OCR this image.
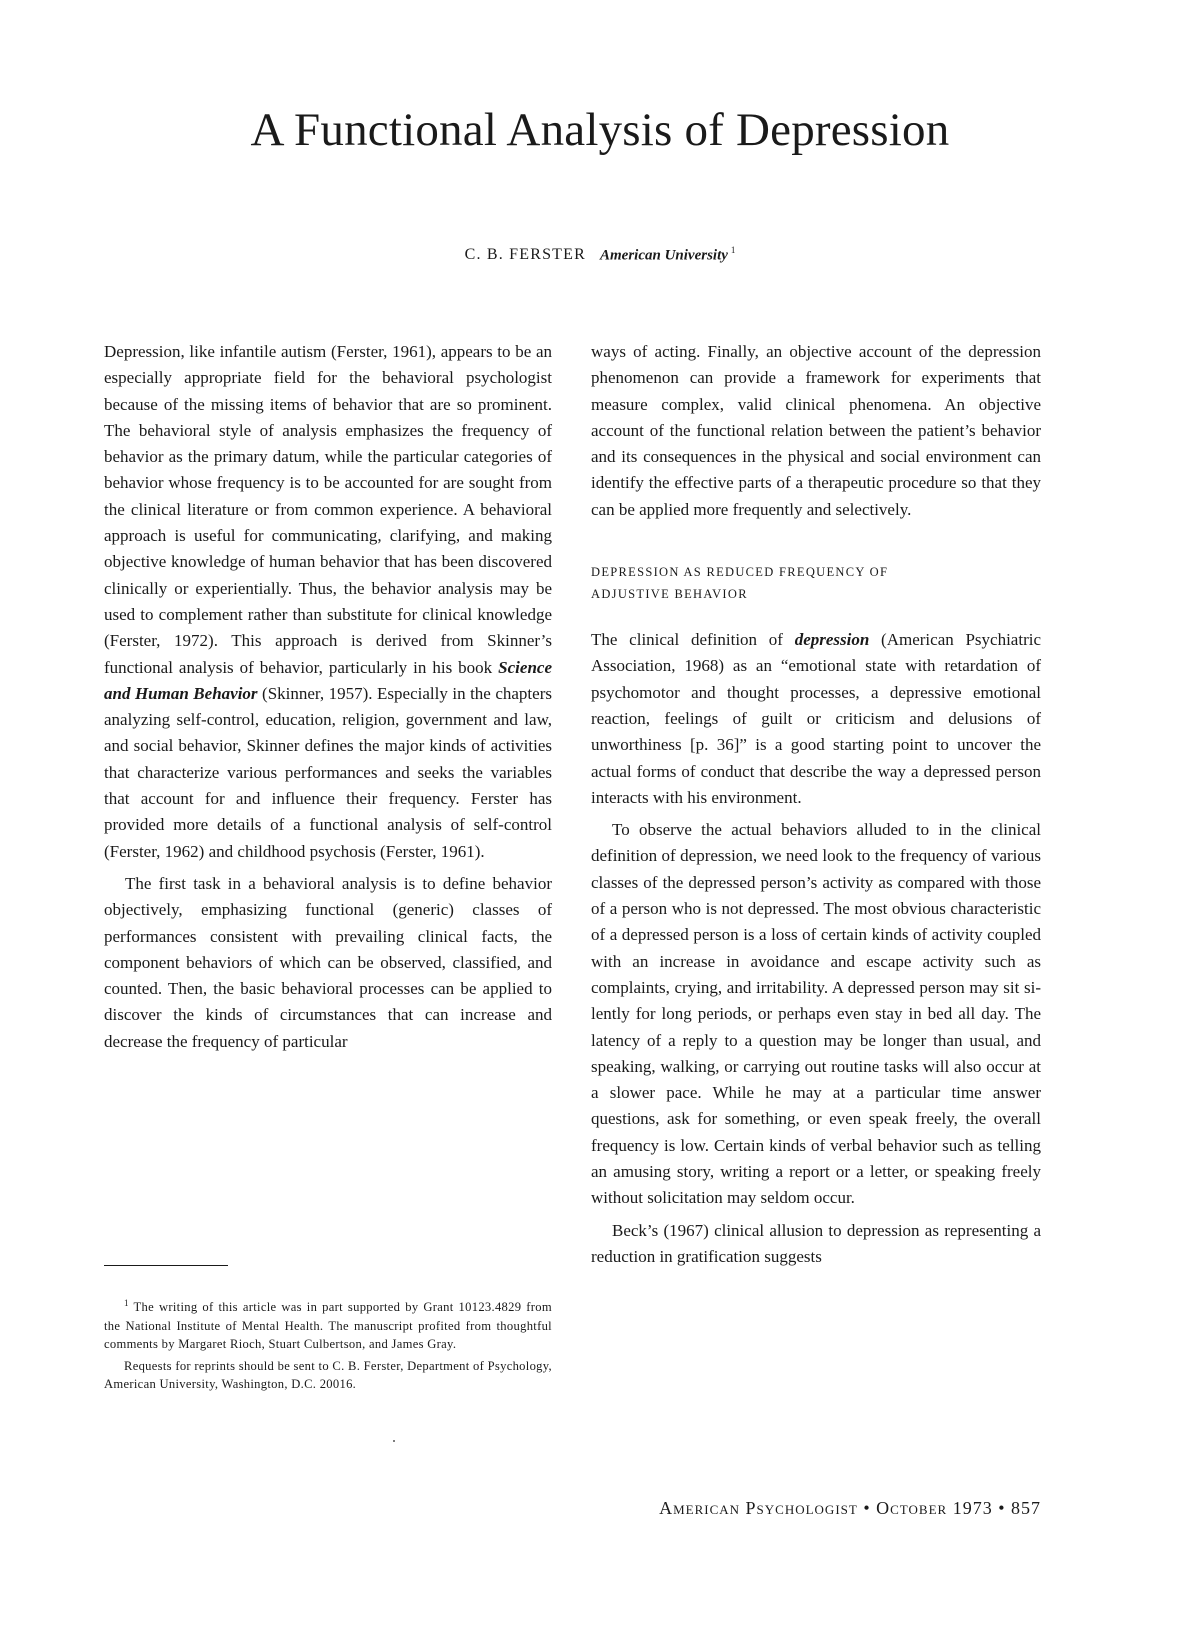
A Functional Analysis of Depression
C. B. FERSTER American University $^1$

Depression, like infantile autism (Ferster, 1961), appears to be an especially appropriate field for the behavioral psychologist because of the missing items of behavior that are so prominent. The behavioral style of analysis emphasizes the frequency of behavior as the primary datum, while the particular categories of behavior whose frequency is to be accounted for are sought from the clinical literature or from common experience. A behavioral approach is useful for communicating, clarifying, and making objective knowledge of human behavior that has been discovered clinically or experientially. Thus, the behavior analysis may be used to complement rather than substitute for clinical knowledge (Ferster, 1972). This approach is derived from Skinner’s functional analysis of behavior, particularly in his book Science and Human Behavior (Skinner, 1957). Especially in the chapters analyzing self-control, education, religion, government and law, and social behavior, Skinner defines the major kinds of activities that characterize various performances and seeks the variables that account for and influence their frequency. Ferster has provided more details of a functional analysis of self-control (Ferster, 1962) and childhood psychosis (Ferster, 1961).

The first task in a behavioral analysis is to define behavior objectively, emphasizing functional (generic) classes of performances consistent with prevailing clinical facts, the component behaviors of which can be observed, classified, and counted. Then, the basic behavioral processes can be applied to discover the kinds of circumstances that can increase and decrease the frequency of particular

ways of acting. Finally, an objective account of the depression phenomenon can provide a framework for experiments that measure complex, valid clinical phenomena. An objective account of the functional relation between the patient’s behavior and its consequences in the physical and social environment can identify the effective parts of a therapeutic procedure so that they can be applied more frequently and selectively.

DEPRESSION AS REDUCED FREQUENCY OF
ADJUSTIVE BEHAVIOR

The clinical definition of depression (American Psychiatric Association, 1968) as an “emotional state with retardation of psychomotor and thought processes, a depressive emotional reaction, feelings of guilt or criticism and delusions of unworthiness [p. 36]” is a good starting point to uncover the actual forms of conduct that describe the way a depressed person interacts with his environment.

To observe the actual behaviors alluded to in the clinical definition of depression, we need look to the frequency of various classes of the depressed person’s activity as compared with those of a person who is not depressed. The most obvious characteristic of a depressed person is a loss of certain kinds of activity coupled with an increase in avoidance and escape activity such as complaints, crying, and irritability. A depressed person may sit silently for long periods, or perhaps even stay in bed all day. The latency of a reply to a question may be longer than usual, and speaking, walking, or carrying out routine tasks will also occur at a slower pace. While he may at a particular time answer questions, ask for something, or even speak freely, the overall frequency is low. Certain kinds of verbal behavior such as telling an amusing story, writing a report or a letter, or speaking freely without solicitation may seldom occur.

Beck’s (1967) clinical allusion to depression as representing a reduction in gratification suggests

$^1$ The writing of this article was in part supported by Grant 10123.4829 from the National Institute of Mental Health. The manuscript profited from thoughtful comments by Margaret Rioch, Stuart Culbertson, and James Gray.

Requests for reprints should be sent to C. B. Ferster, Department of Psychology, American University, Washington, D.C. 20016.

American Psychologist • October 1973 • 857
